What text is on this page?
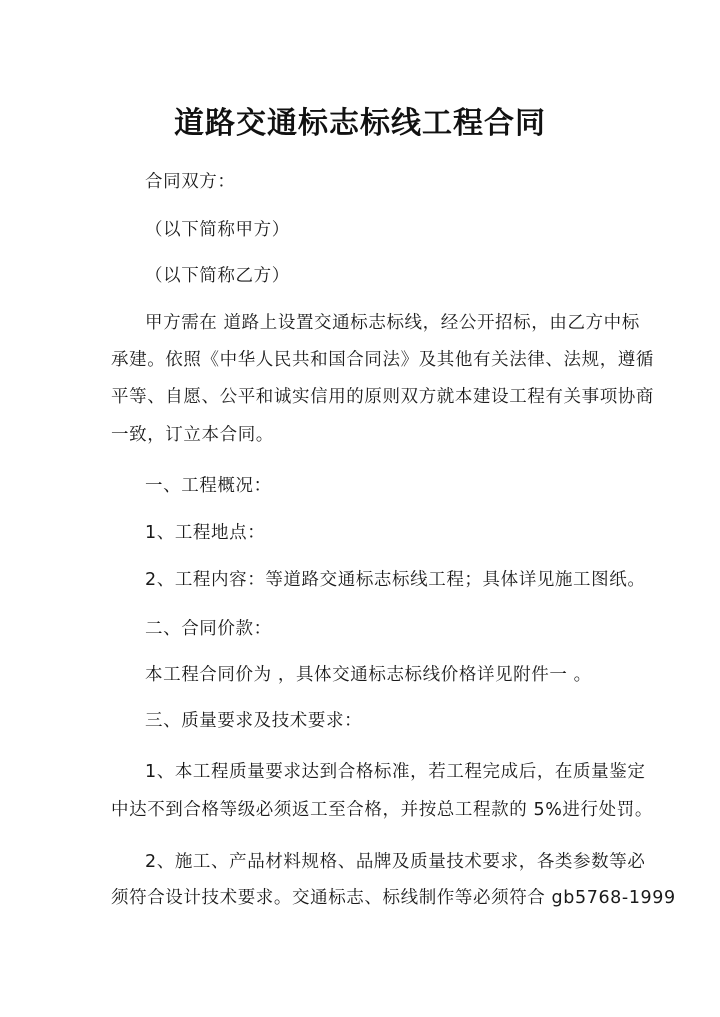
道路交通标志标线工程合同
合同双方：
（以下简称甲方）
（以下简称乙方）
甲方需在 道路上设置交通标志标线，经公开招标，由乙方中标
承建。依照《中华人民共和国合同法》及其他有关法律、法规，遵循
平等、自愿、公平和诚实信用的原则双方就本建设工程有关事项协商
一致，订立本合同。
一、工程概况：
1、工程地点：
2、工程内容：等道路交通标志标线工程；具体详见施工图纸。
二、合同价款：
本工程合同价为 ，具体交通标志标线价格详见附件一 。
三、质量要求及技术要求：
1、本工程质量要求达到合格标准，若工程完成后，在质量鉴定
中达不到合格等级必须返工至合格，并按总工程款的 5%进行处罚。
2、施工、产品材料规格、品牌及质量技术要求，各类参数等必
须符合设计技术要求。交通标志、标线制作等必须符合 gb5768-1999
